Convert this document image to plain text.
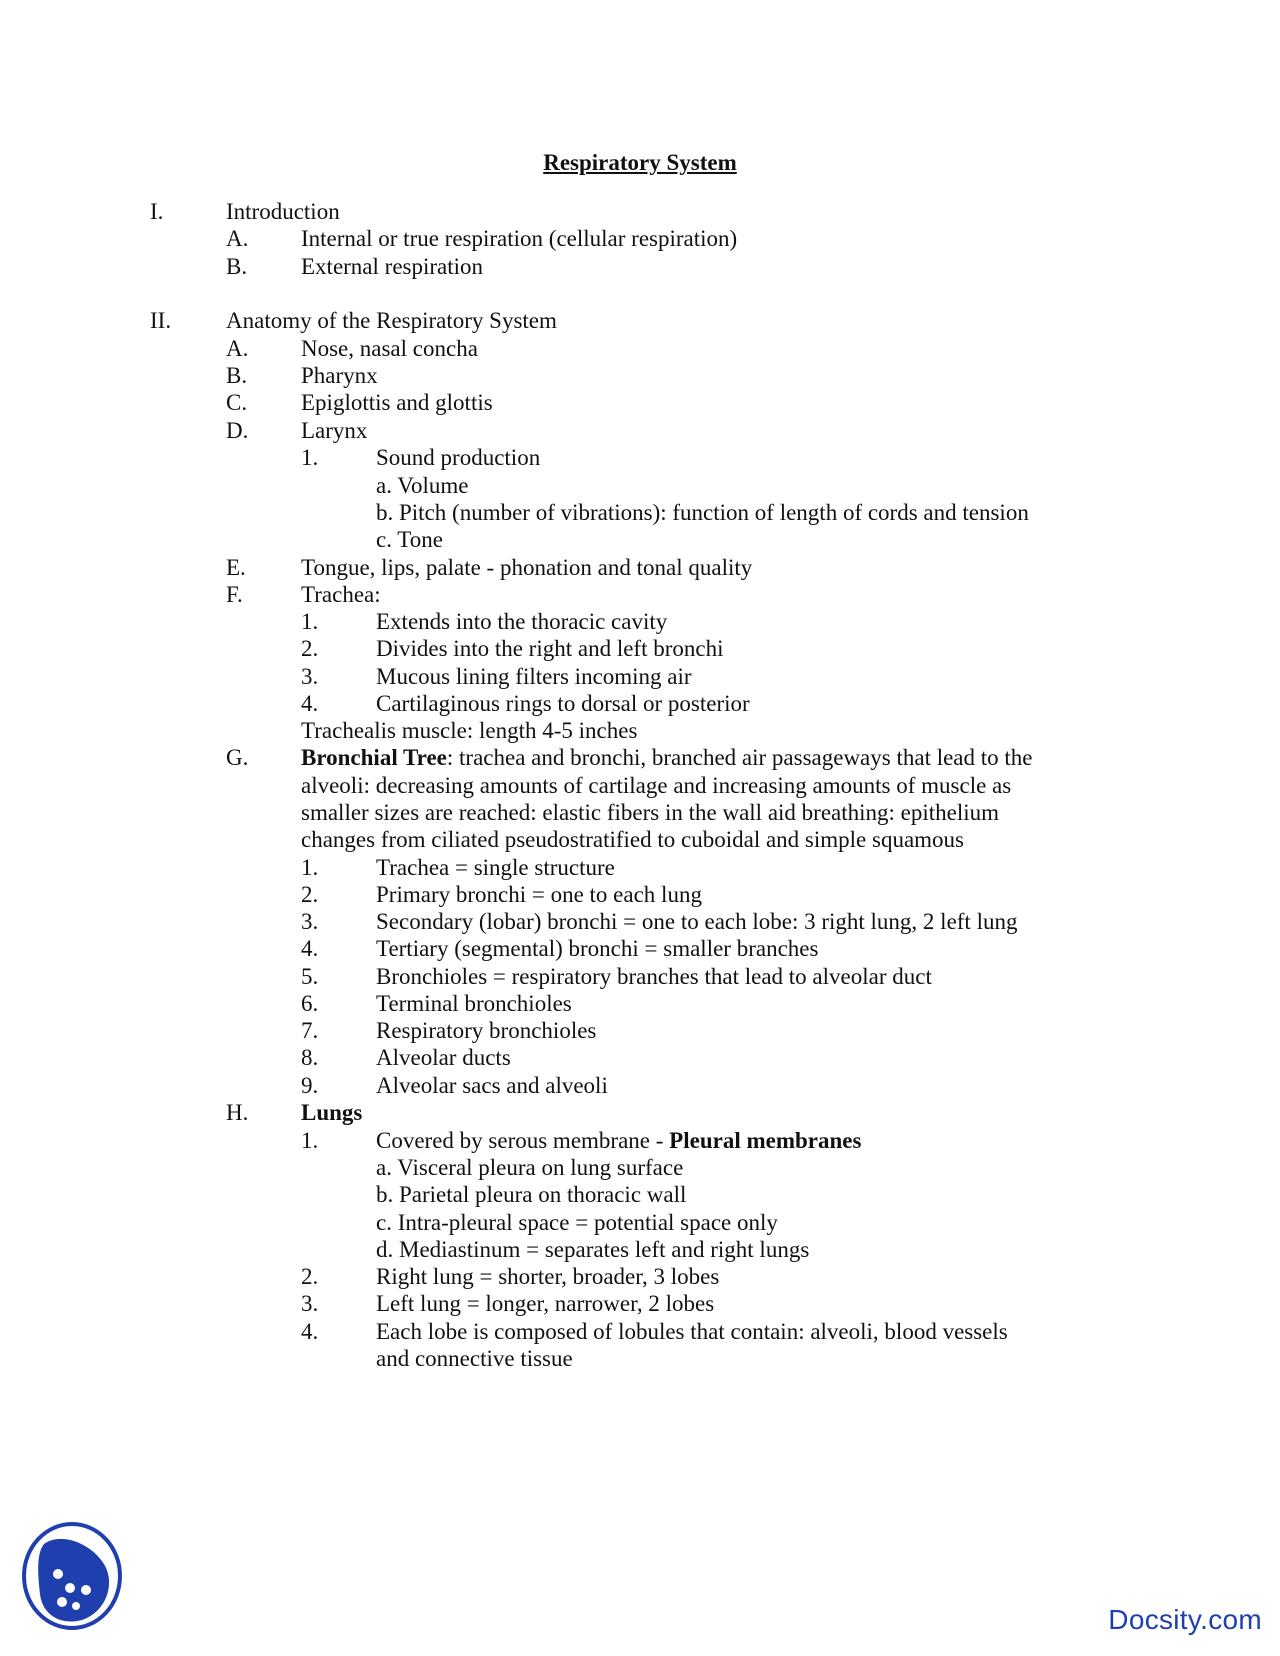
Respiratory System
I.	Introduction
A. Internal or true respiration (cellular respiration)
B. External respiration
II. Anatomy of the Respiratory System
A. Nose, nasal concha
B. Pharynx
C. Epiglottis and glottis
D. Larynx
1.	Sound production
a. Volume
b. Pitch (number of vibrations): function of length of cords and tension
c. Tone
E. Tongue, lips, palate - phonation and tonal quality
F.	Trachea:
1.	Extends into the thoracic cavity
2.	Divides into the right and left bronchi
3.	Mucous lining filters incoming air
4.	Cartilaginous rings to dorsal or posterior
Trachealis muscle: length 4-5 inches
G. Bronchial Tree: trachea and bronchi, branched air passageways that lead to the
alveoli: decreasing amounts of cartilage and increasing amounts of muscle as
smaller sizes are reached: elastic fibers in the wall aid breathing: epithelium
changes from ciliated pseudostratified to cuboidal and simple squamous
1.	Trachea = single structure
2.	Primary bronchi = one to each lung
3.	Secondary (lobar) bronchi = one to each lobe: 3 right lung, 2 left lung
4.	Tertiary (segmental) bronchi = smaller branches
5.	Bronchioles = respiratory branches that lead to alveolar duct
6.	Terminal bronchioles
7.	Respiratory bronchioles
8.	Alveolar ducts
9.	Alveolar sacs and alveoli
H. Lungs
1.	Covered by serous membrane - Pleural membranes
a. Visceral pleura on lung surface
b. Parietal pleura on thoracic wall
c. Intra-pleural space = potential space only
d. Mediastinum = separates left and right lungs
2.	Right lung = shorter, broader, 3 lobes
3.	Left lung = longer, narrower, 2 lobes
4.	Each lobe is composed of lobules that contain: alveoli, blood vessels
and connective tissue
Docsity.com
